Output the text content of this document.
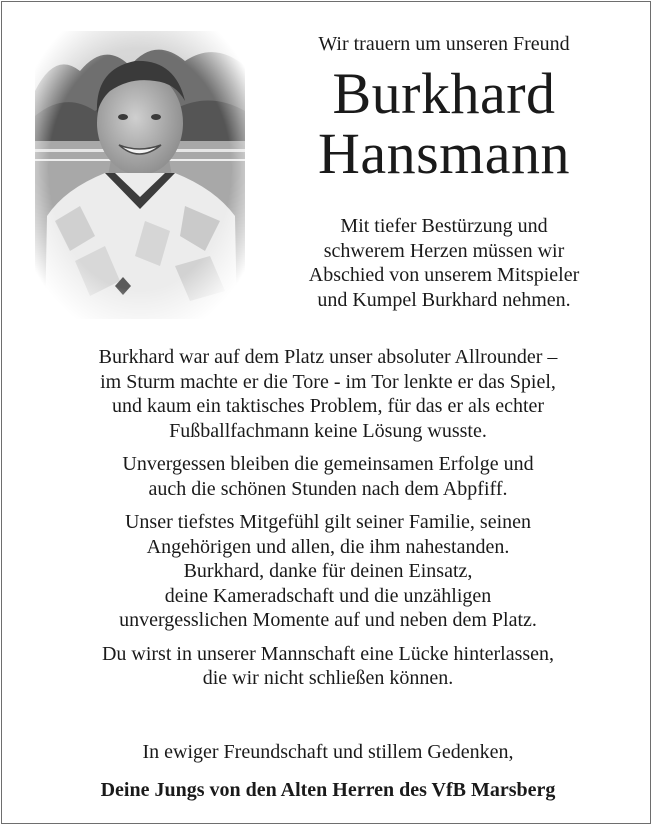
Wir trauern um unseren Freund
Burkhard
Hansmann
Mit tiefer Bestürzung und
schwerem Herzen müssen wir
Abschied von unserem Mitspieler
und Kumpel Burkhard nehmen.

Burkhard war auf dem Platz unser absoluter Allrounder –
im Sturm machte er die Tore - im Tor lenkte er das Spiel,
und kaum ein taktisches Problem, für das er als echter
Fußballfachmann keine Lösung wusste.

Unvergessen bleiben die gemeinsamen Erfolge und
auch die schönen Stunden nach dem Abpfiff.

Unser tiefstes Mitgefühl gilt seiner Familie, seinen
Angehörigen und allen, die ihm nahestanden.
Burkhard, danke für deinen Einsatz,
deine Kameradschaft und die unzähligen
unvergesslichen Momente auf und neben dem Platz.

Du wirst in unserer Mannschaft eine Lücke hinterlassen,
die wir nicht schließen können.

In ewiger Freundschaft und stillem Gedenken,
Deine Jungs von den Alten Herren des VfB Marsberg
